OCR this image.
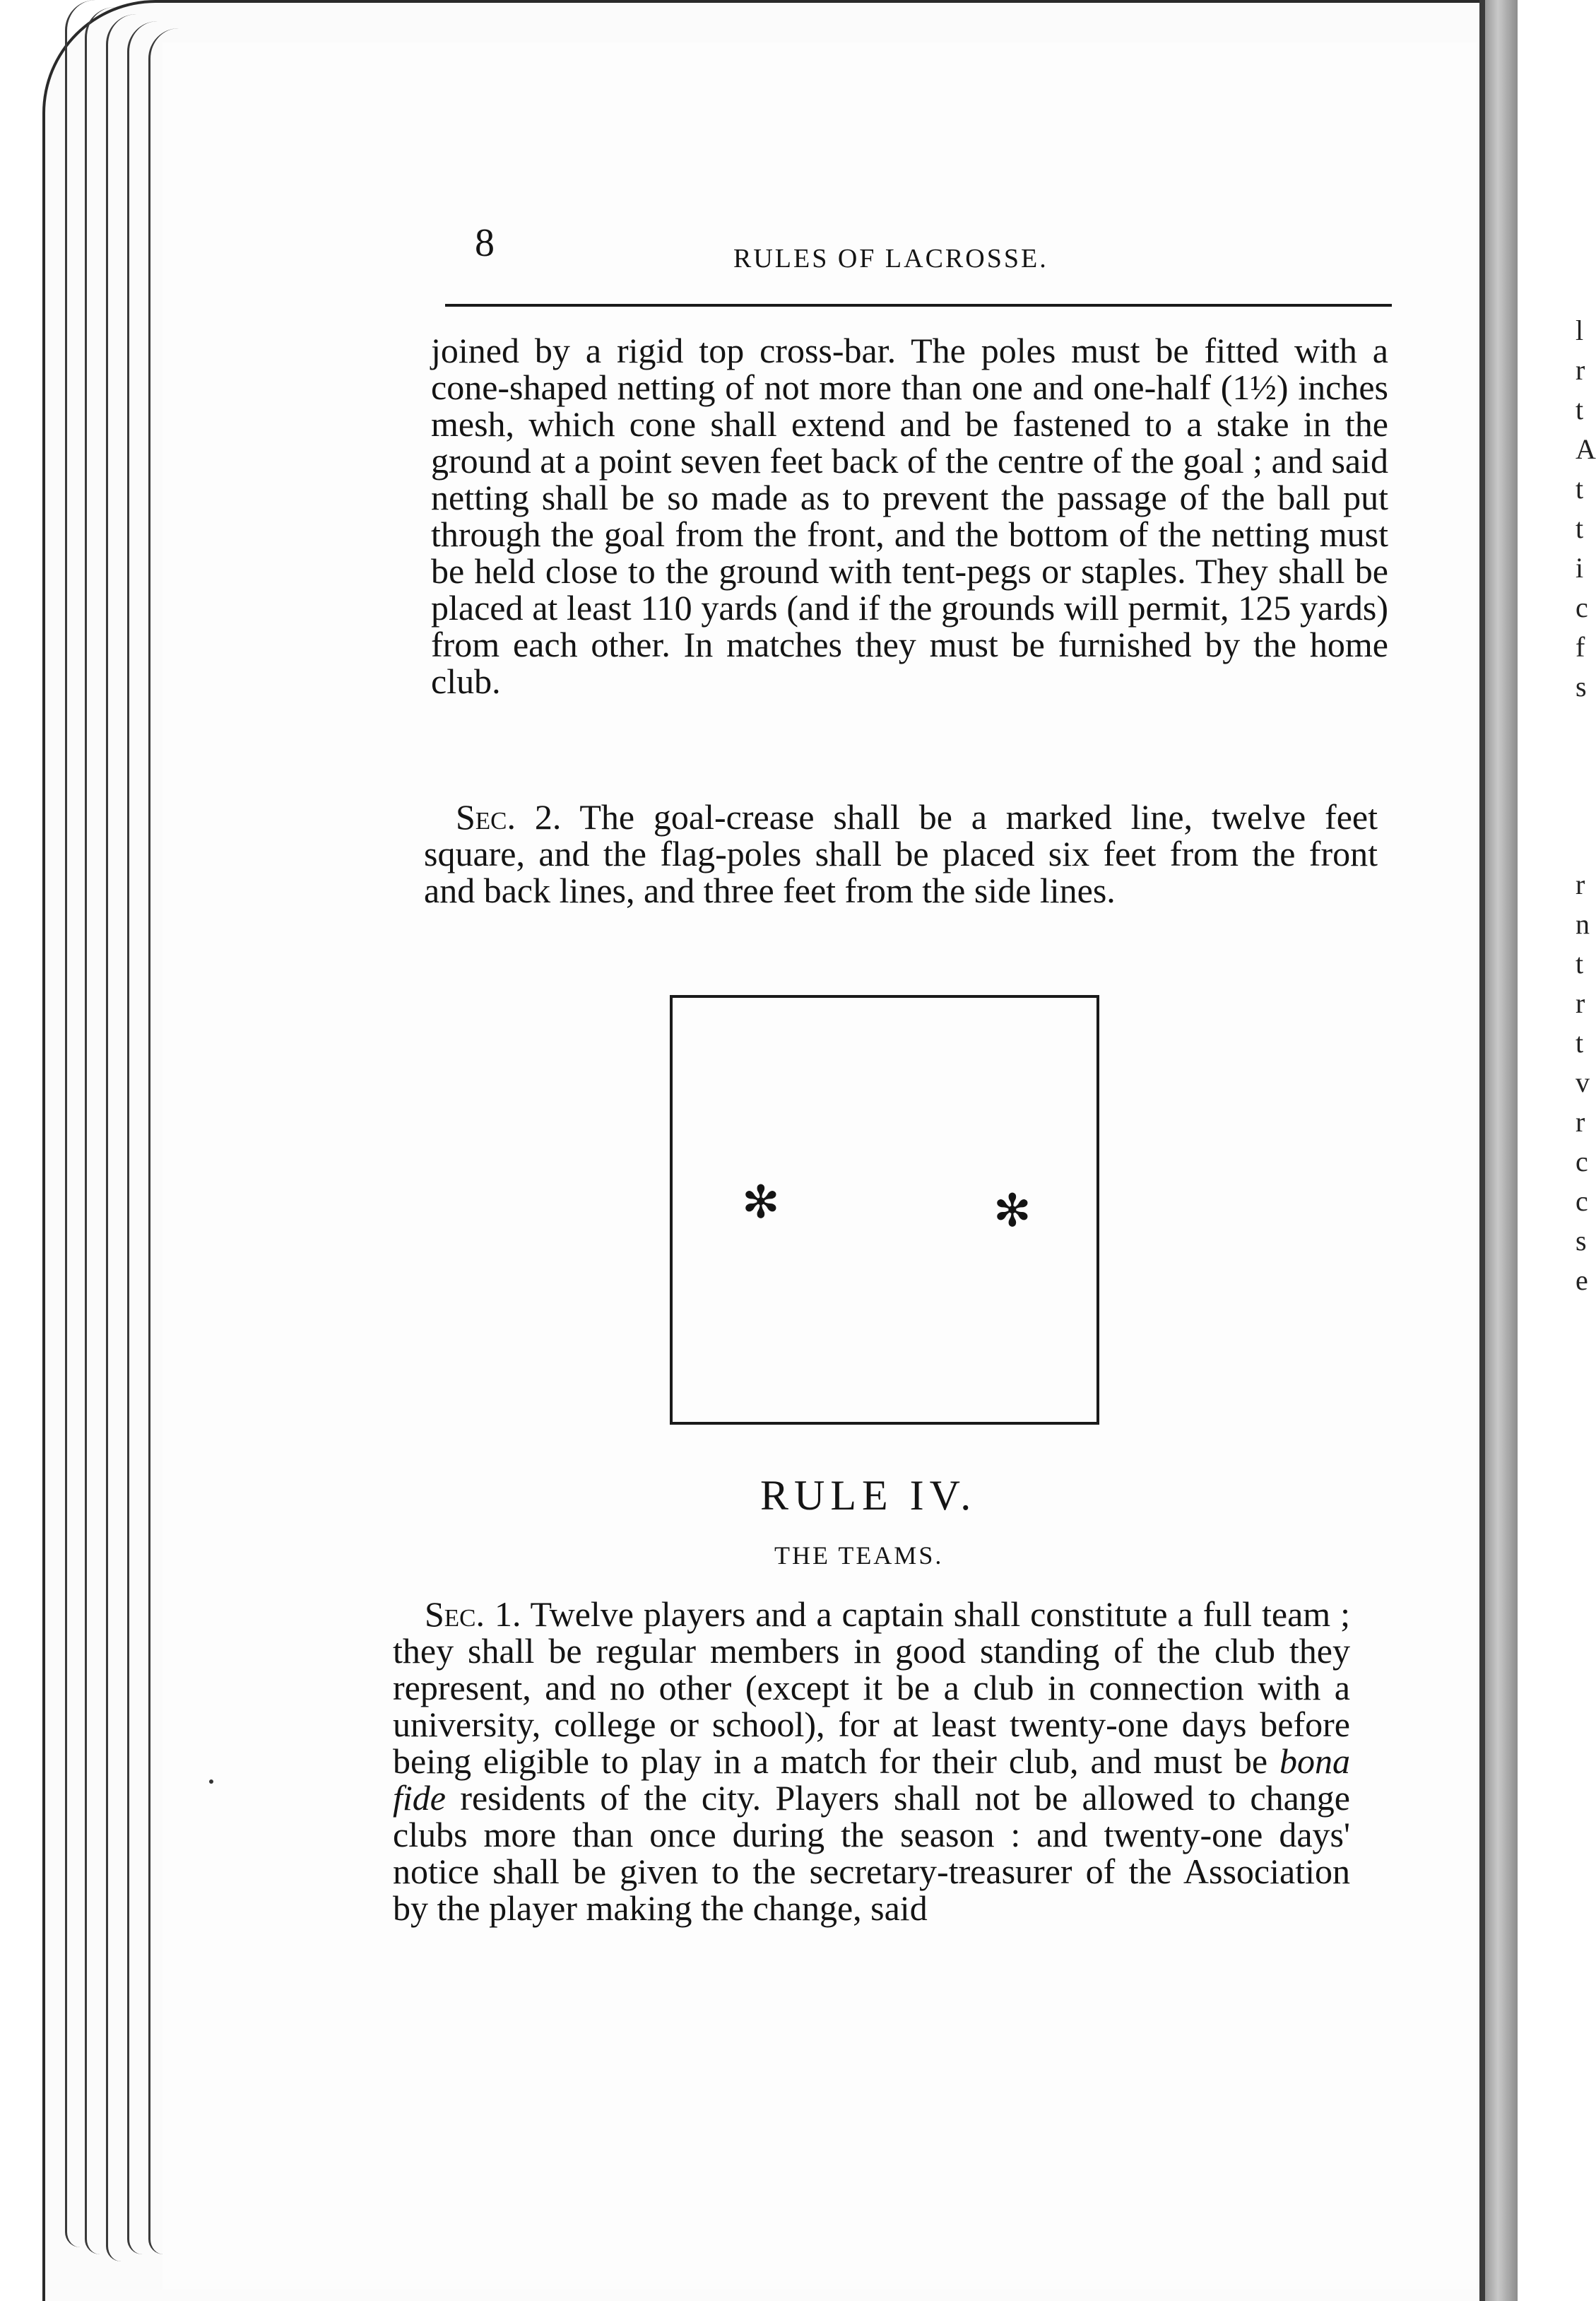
l
r
t
A
t
t
i
c
f
s

r
n
t
r
t
v
r
c
c
s
e
8	RULES OF LACROSSE.
joined by a rigid top cross-bar. The poles must be fitted with a cone-shaped netting of not more than one and one-half (1½) inches mesh, which cone shall extend and be fastened to a stake in the ground at a point seven feet back of the centre of the goal ; and said netting shall be so made as to prevent the passage of the ball put through the goal from the front, and the bottom of the netting must be held close to the ground with tent-pegs or staples. They shall be placed at least 110 yards (and if the grounds will permit, 125 yards) from each other. In matches they must be furnished by the home club.
Sec. 2. The goal-crease shall be a marked line, twelve feet square, and the flag-poles shall be placed six feet from the front and back lines, and three feet from the side lines.
✻	✻
RULE IV.
THE TEAMS.
Sec. 1. Twelve players and a captain shall constitute a full team ; they shall be regular members in good standing of the club they represent, and no other (except it be a club in connection with a university, college or school), for at least twenty-one days before being eligible to play in a match for their club, and must be bona fide residents of the city. Players shall not be allowed to change clubs more than once during the season : and twenty-one days' notice shall be given to the secretary-treasurer of the Association by the player making the change, said
